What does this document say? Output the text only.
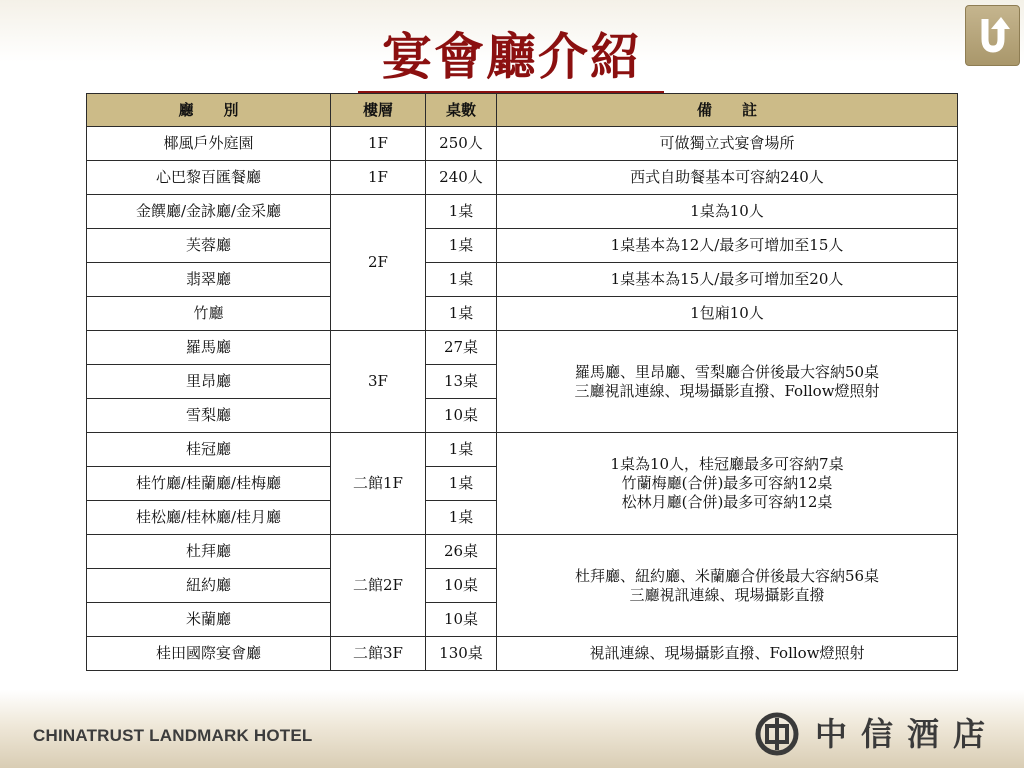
宴會廳介紹
廳　　別	樓層	桌數	備　　註
椰風戶外庭園	1F	250人	可做獨立式宴會場所
心巴黎百匯餐廳	1F	240人	西式自助餐基本可容納240人
金饌廳/金詠廳/金采廳	2F	1桌	1桌為10人
芙蓉廳		1桌	1桌基本為12人/最多可增加至15人
翡翠廳		1桌	1桌基本為15人/最多可增加至20人
竹廳		1桌	1包廂10人
羅馬廳	3F	27桌	羅馬廳、里昂廳、雪梨廳合併後最大容納50桌
三廳視訊連線、現場攝影直撥、Follow燈照射
里昂廳		13桌	
雪梨廳		10桌	
桂冠廳	二館1F	1桌	1桌為10人，桂冠廳最多可容納7桌
竹蘭梅廳(合併)最多可容納12桌
松林月廳(合併)最多可容納12桌
桂竹廳/桂蘭廳/桂梅廳		1桌	
桂松廳/桂林廳/桂月廳		1桌	
杜拜廳	二館2F	26桌	杜拜廳、紐約廳、米蘭廳合併後最大容納56桌
三廳視訊連線、現場攝影直撥
紐約廳		10桌	
米蘭廳		10桌	
桂田國際宴會廳	二館3F	130桌	視訊連線、現場攝影直撥、Follow燈照射
CHINATRUST LANDMARK HOTEL	中信酒店
